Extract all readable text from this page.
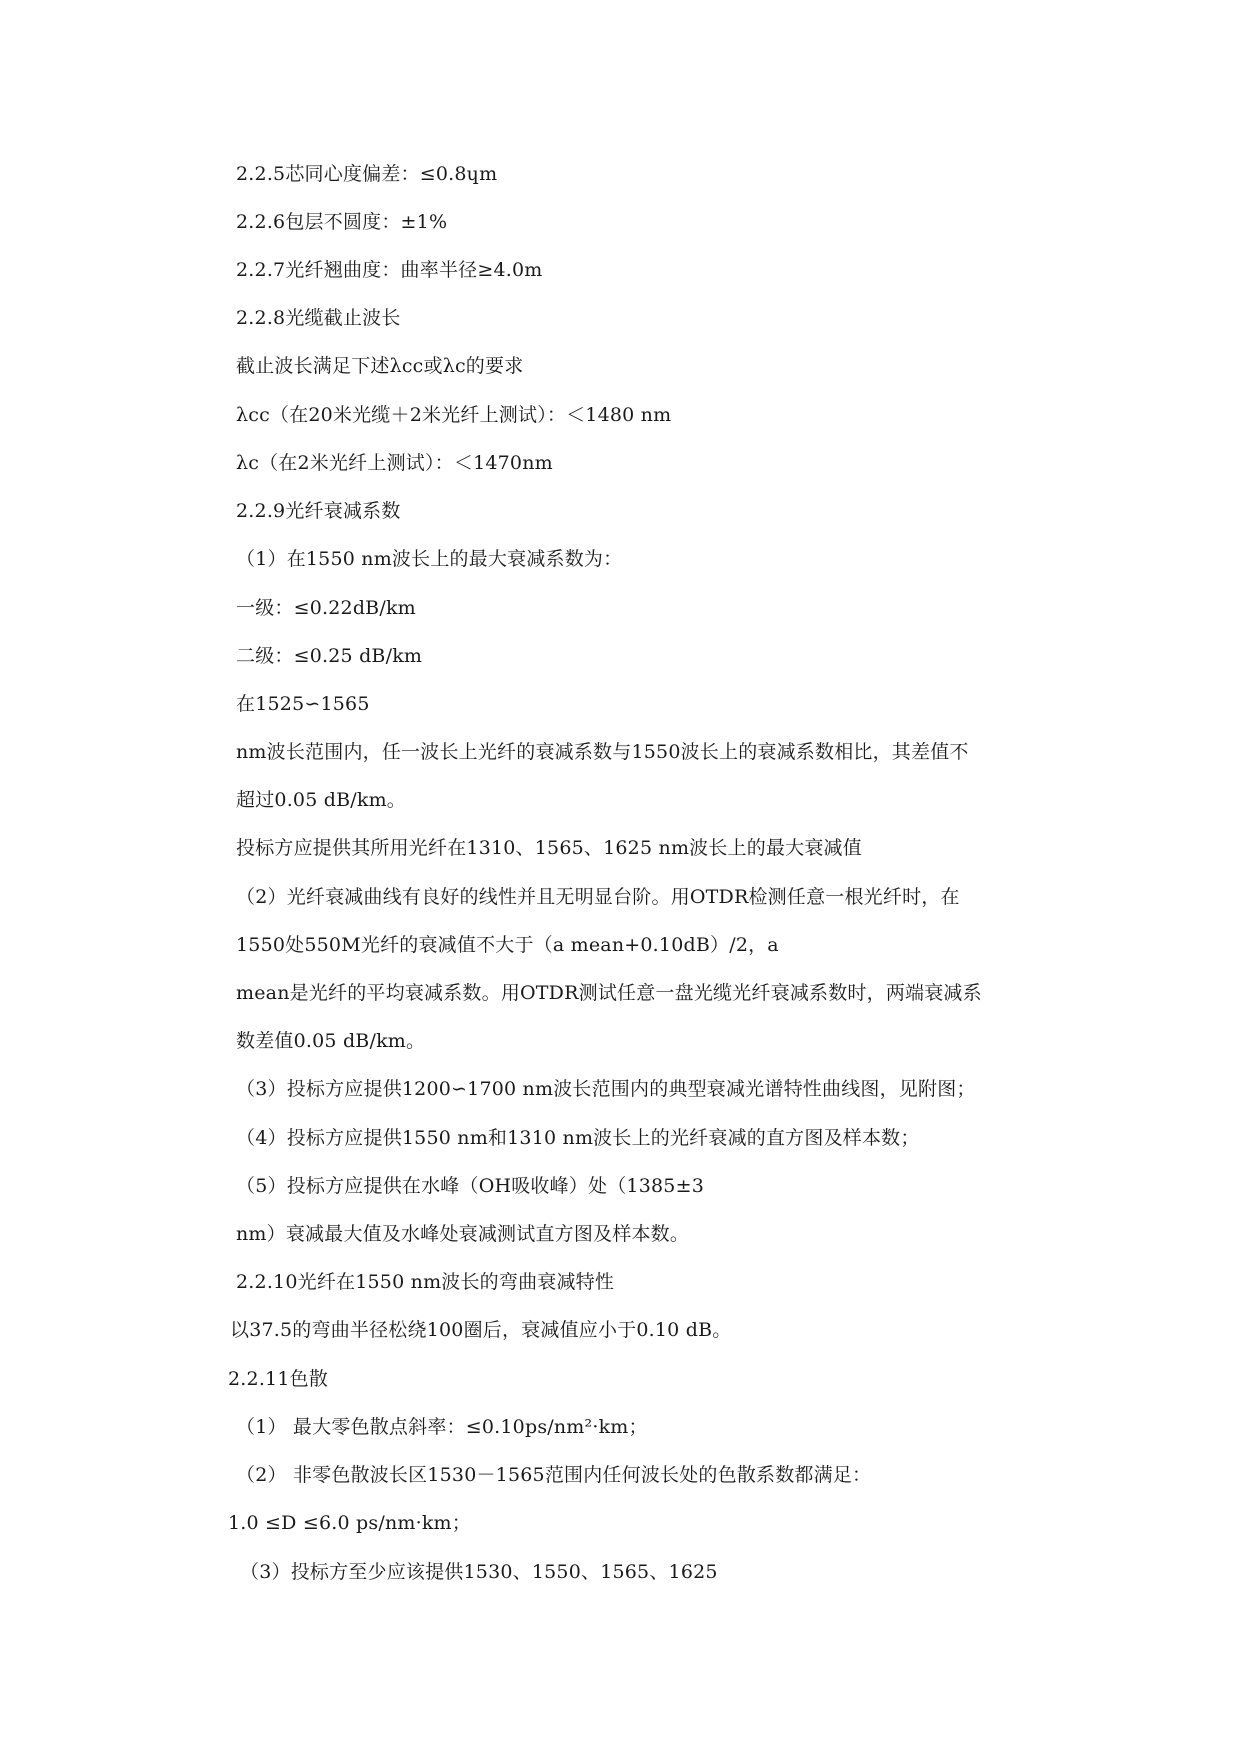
2.2.5芯同心度偏差：≤0.8ɥm
2.2.6包层不圆度：±1%
2.2.7光纤翘曲度：曲率半径≥4.0m
2.2.8光缆截止波长
截止波长满足下述λcc或λc的要求
λcc（在20米光缆＋2米光纤上测试）：＜1480 nm
λc（在2米光纤上测试）：＜1470nm
2.2.9光纤衰减系数
（1）在1550 nm波长上的最大衰减系数为：
一级：≤0.22dB/km
二级：≤0.25 dB/km
在1525∽1565
nm波长范围内，任一波长上光纤的衰减系数与1550波长上的衰减系数相比，其差值不
超过0.05 dB/km。
投标方应提供其所用光纤在1310、1565、1625 nm波长上的最大衰减值
（2）光纤衰减曲线有良好的线性并且无明显台阶。用OTDR检测任意一根光纤时，在
1550处550M光纤的衰减值不大于（a mean+0.10dB）/2，a
mean是光纤的平均衰减系数。用OTDR测试任意一盘光缆光纤衰减系数时，两端衰减系
数差值0.05 dB/km。
（3）投标方应提供1200∽1700 nm波长范围内的典型衰减光谱特性曲线图，见附图；
（4）投标方应提供1550 nm和1310 nm波长上的光纤衰减的直方图及样本数；
（5）投标方应提供在水峰（OH吸收峰）处（1385±3
nm）衰减最大值及水峰处衰减测试直方图及样本数。
2.2.10光纤在1550 nm波长的弯曲衰减特性
以37.5的弯曲半径松绕100圈后，衰减值应小于0.10 dB。
2.2.11色散
（1） 最大零色散点斜率：≤0.10ps/nm²·km；
（2） 非零色散波长区1530－1565范围内任何波长处的色散系数都满足：
1.0 ≤D ≤6.0 ps/nm·km；
（3）投标方至少应该提供1530、1550、1565、1625
